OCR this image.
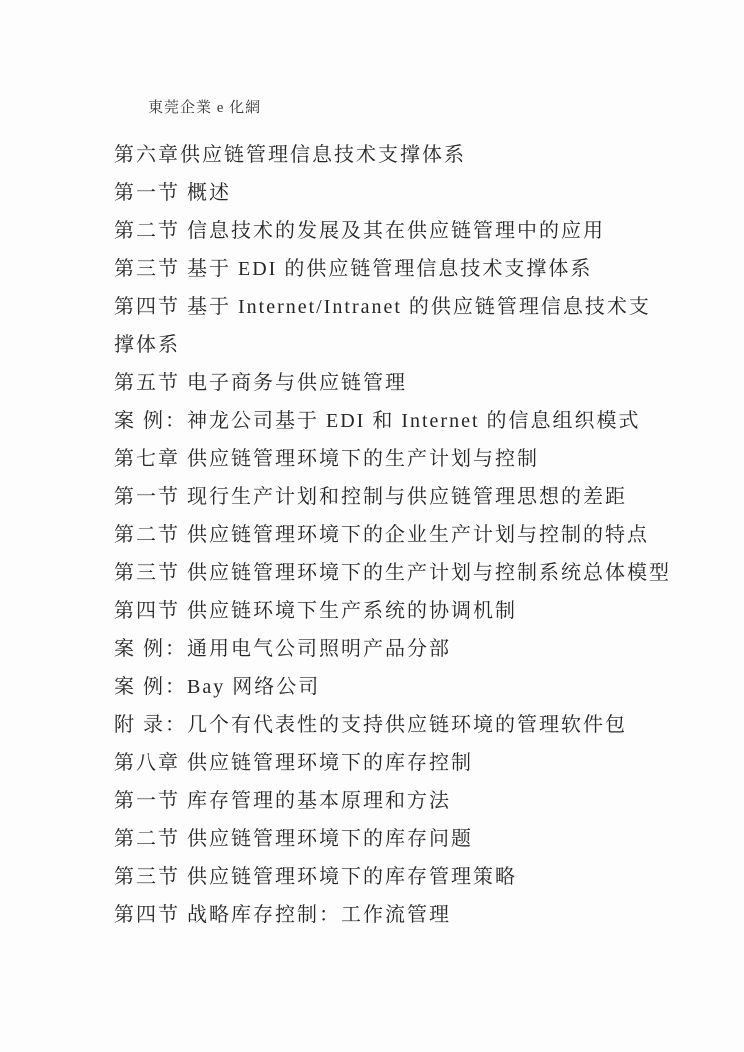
東莞企業 e 化網

第六章供应链管理信息技术支撑体系

第一节 概述

第二节 信息技术的发展及其在供应链管理中的应用

第三节 基于 EDI 的供应链管理信息技术支撑体系

第四节 基于 Internet/Intranet 的供应链管理信息技术支

撑体系

第五节 电子商务与供应链管理

案 例：神龙公司基于 EDI 和 Internet 的信息组织模式

第七章 供应链管理环境下的生产计划与控制

第一节 现行生产计划和控制与供应链管理思想的差距

第二节 供应链管理环境下的企业生产计划与控制的特点

第三节 供应链管理环境下的生产计划与控制系统总体模型

第四节 供应链环境下生产系统的协调机制

案 例：通用电气公司照明产品分部

案 例：Bay 网络公司

附 录：几个有代表性的支持供应链环境的管理软件包

第八章 供应链管理环境下的库存控制

第一节 库存管理的基本原理和方法

第二节 供应链管理环境下的库存问题

第三节 供应链管理环境下的库存管理策略

第四节 战略库存控制：工作流管理
